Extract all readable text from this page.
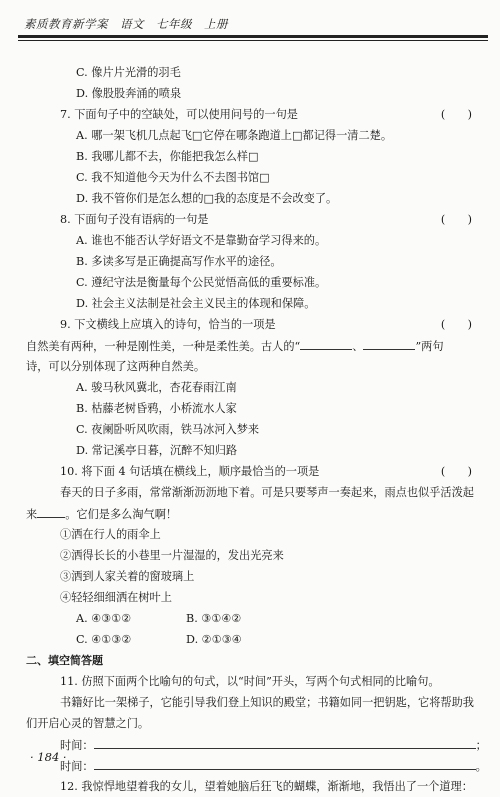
素质教育新学案　语文　七年级　上册
C. 像片片光滑的羽毛
D. 像股股奔涌的喷泉
7. 下面句子中的空缺处，可以使用问号的一句是	(　　)
A. 哪一架飞机几点起飞□它停在哪条跑道上□都记得一清二楚。
B. 我哪儿都不去，你能把我怎么样□
C. 我不知道他今天为什么不去图书馆□
D. 我不管你们是怎么想的□我的态度是不会改变了。
8. 下面句子没有语病的一句是	(　　)
A. 谁也不能否认学好语文不是靠勤奋学习得来的。
B. 多读多写是正确提高写作水平的途径。
C. 遵纪守法是衡量每个公民觉悟高低的重要标准。
D. 社会主义法制是社会主义民主的体现和保障。
9. 下文横线上应填入的诗句，恰当的一项是	(　　)
自然美有两种，一种是刚性美，一种是柔性美。古人的“	、	”两句
诗，可以分别体现了这两种自然美。
A. 骏马秋风冀北，杏花春雨江南
B. 枯藤老树昏鸦，小桥流水人家
C. 夜阑卧听风吹雨，铁马冰河入梦来
D. 常记溪亭日暮，沉醉不知归路
10. 将下面 4 句话填在横线上，顺序最恰当的一项是	(　　)
春天的日子多雨，常常渐渐沥沥地下着。可是只要琴声一奏起来，雨点也似乎活泼起
来	。它们是多么淘气啊！
①洒在行人的雨伞上
②洒得长长的小巷里一片湿湿的，发出光亮来
③洒到人家关着的窗玻璃上
④轻轻细细洒在树叶上
A. ④③①②	B. ③①④②
C. ④①③②	D. ②①③④
二、填空简答题
11. 仿照下面两个比喻句的句式，以“时间”开头，写两个句式相同的比喻句。
书籍好比一架梯子，它能引导我们登上知识的殿堂；书籍如同一把钥匙，它将帮助我
们开启心灵的智慧之门。
时间：	；
时间：	。
12. 我惊悍地望着我的女儿，望着她脑后狂飞的蝴蝶，渐渐地，我悟出了一个道理：
· 184 ·
